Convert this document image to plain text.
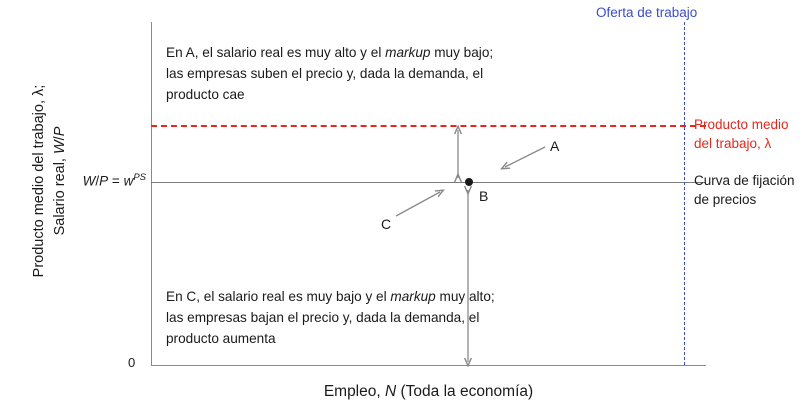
Producto medio del trabajo, λ; Salario real, W/P
Empleo, N (Toda la economía)
0
Producto medio
del trabajo, λ
$W/P = w^{PS}$	Curva de fijación
de precios
Oferta de trabajo
B
A
C
En A, el salario real es muy alto y el markup muy bajo; las empresas suben el precio y, dada la demanda, el producto cae
En C, el salario real es muy bajo y el markup muy alto; las empresas bajan el precio y, dada la demanda, el producto aumenta
